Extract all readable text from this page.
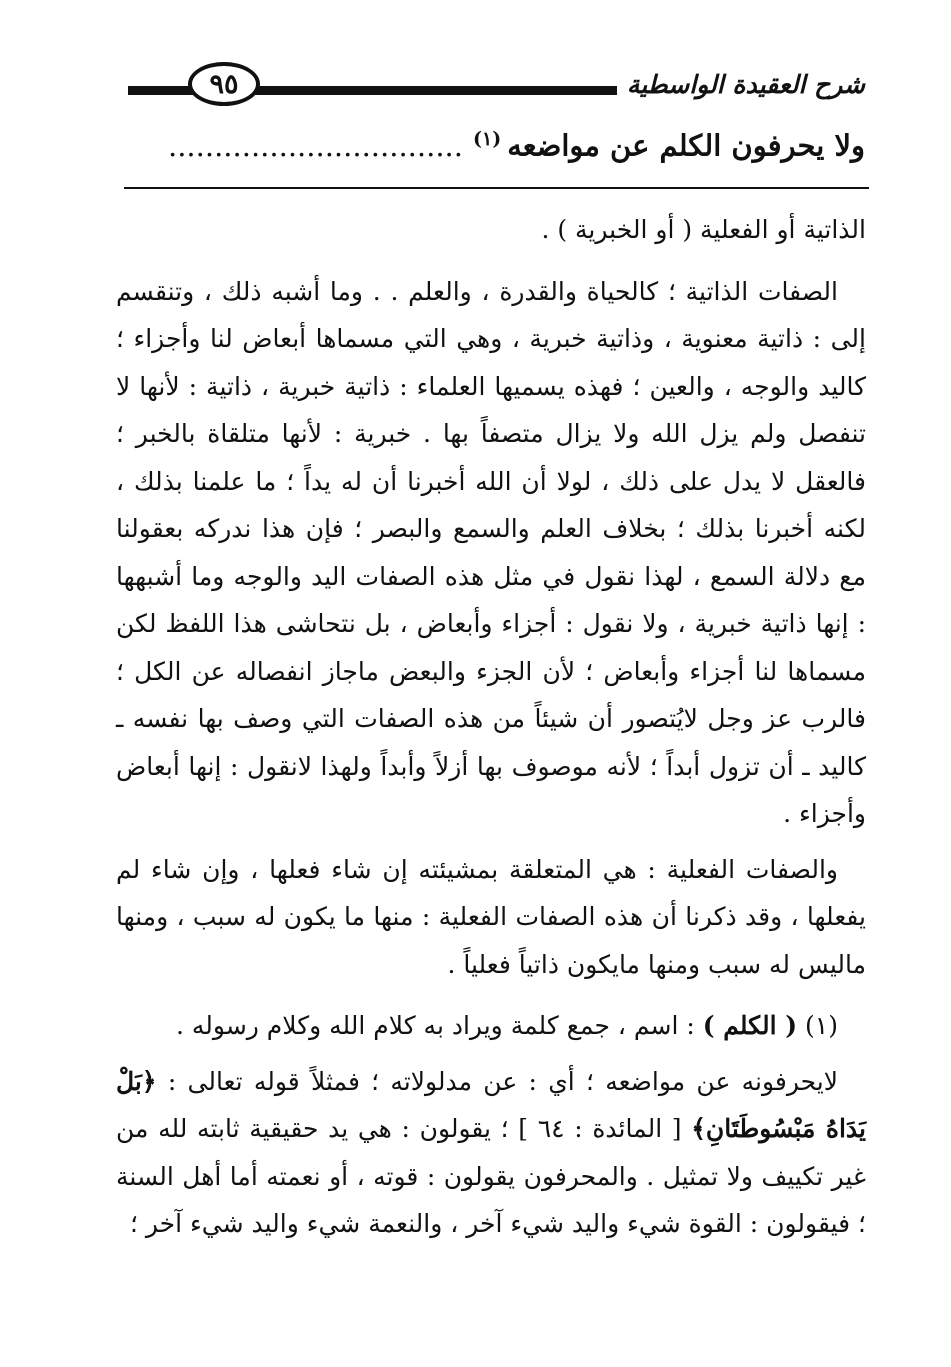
شرح العقيدة الواسطية
٩٥
ولا يحرفون الكلم عن مواضعه$^{(١)}$................................

الذاتية أو الفعلية ( أو الخبرية ) .

الصفات الذاتية ؛ كالحياة والقدرة ، والعلم . . وما أشبه ذلك ، وتنقسم إلى : ذاتية معنوية ، وذاتية خبرية ، وهي التي مسماها أبعاض لنا وأجزاء ؛ كاليد والوجه ، والعين ؛ فهذه يسميها العلماء : ذاتية خبرية ، ذاتية : لأنها لا تنفصل ولم يزل الله ولا يزال متصفاً بها . خبرية : لأنها متلقاة بالخبر ؛ فالعقل لا يدل على ذلك ، لولا أن الله أخبرنا أن له يداً ؛ ما علمنا بذلك ، لكنه أخبرنا بذلك ؛ بخلاف العلم والسمع والبصر ؛ فإن هذا ندركه بعقولنا مع دلالة السمع ، لهذا نقول في مثل هذه الصفات اليد والوجه وما أشبهها : إنها ذاتية خبرية ، ولا نقول : أجزاء وأبعاض ، بل نتحاشى هذا اللفظ لكن مسماها لنا أجزاء وأبعاض ؛ لأن الجزء والبعض ماجاز انفصاله عن الكل ؛ فالرب عز وجل لايُتصور أن شيئاً من هذه الصفات التي وصف بها نفسه ـ كاليد ـ أن تزول أبداً ؛ لأنه موصوف بها أزلاً وأبداً ولهذا لانقول : إنها أبعاض وأجزاء .

والصفات الفعلية : هي المتعلقة بمشيئته إن شاء فعلها ، وإن شاء لم يفعلها ، وقد ذكرنا أن هذه الصفات الفعلية : منها ما يكون له سبب ، ومنها ماليس له سبب ومنها مايكون ذاتياً فعلياً .

(١) ( الكلم ) : اسم ، جمع كلمة ويراد به كلام الله وكلام رسوله .

لايحرفونه عن مواضعه ؛ أي : عن مدلولاته ؛ فمثلاً قوله تعالى : ﴿بَلْ يَدَاهُ مَبْسُوطَتَانِ﴾ [ المائدة : ٦٤ ] ؛ يقولون : هي يد حقيقية ثابته لله من غير تكييف ولا تمثيل . والمحرفون يقولون : قوته ، أو نعمته أما أهل السنة ؛ فيقولون : القوة شيء واليد شيء آخر ، والنعمة شيء واليد شيء آخر ؛
